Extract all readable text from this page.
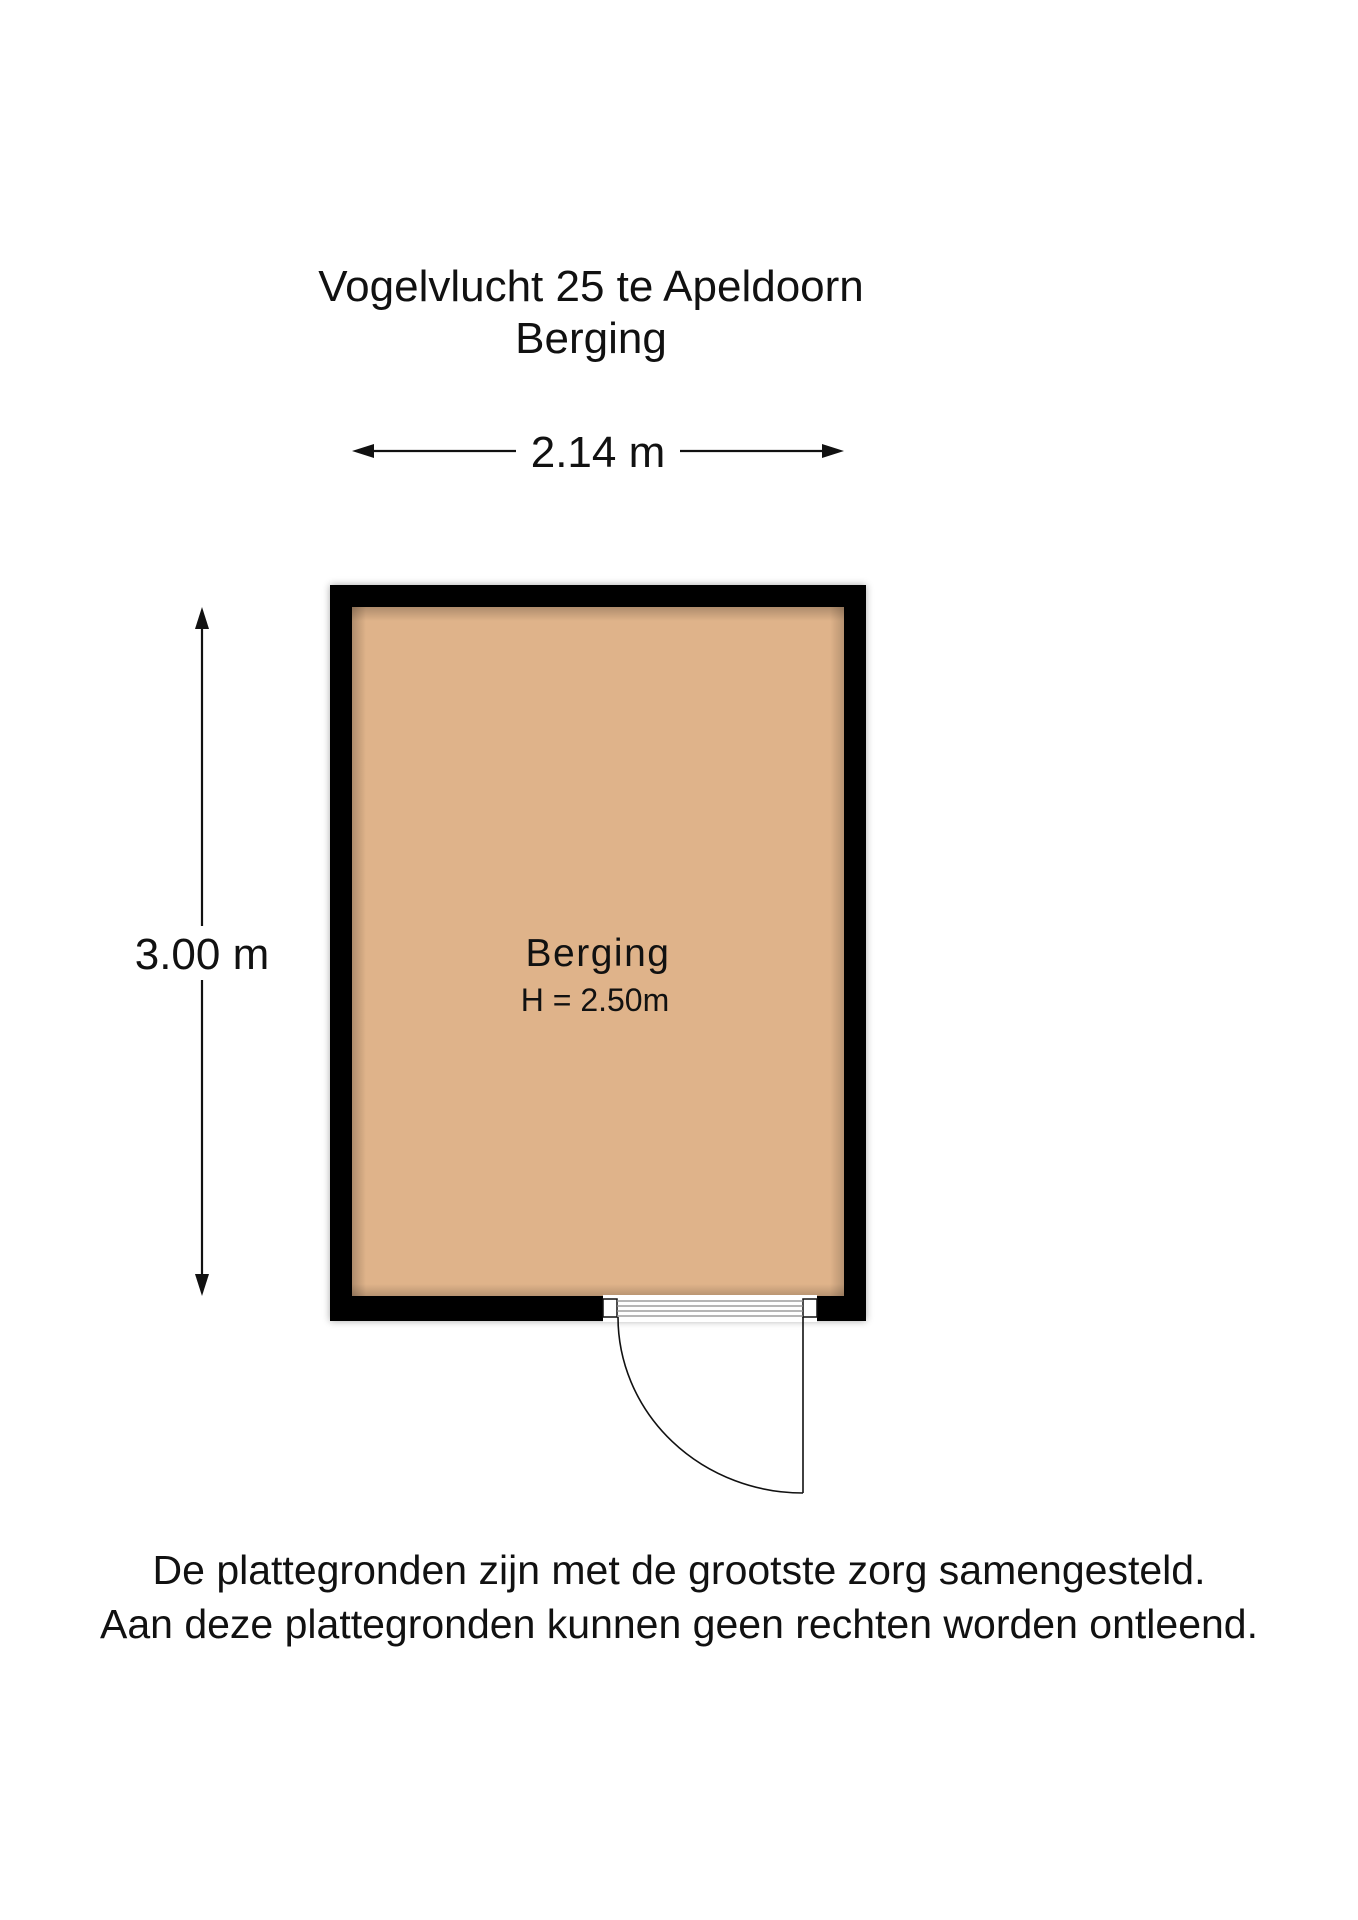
Vogelvlucht 25 te Apeldoorn
Berging
2.14 m
3.00 m	Berging
H = 2.50m
De plattegronden zijn met de grootste zorg samengesteld.
Aan deze plattegronden kunnen geen rechten worden ontleend.
